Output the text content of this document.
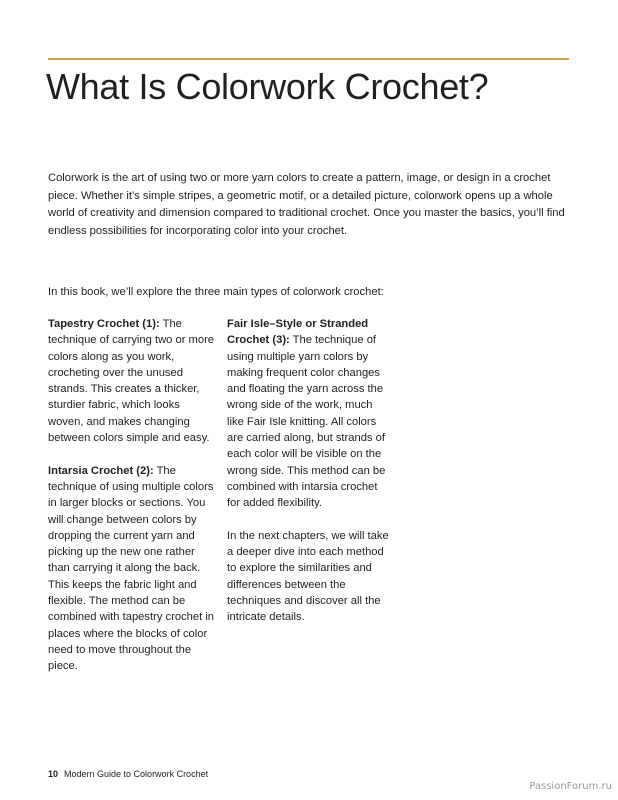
What Is Colorwork Crochet?

Colorwork is the art of using two or more yarn colors to create a pattern, image, or design in a crochet piece. Whether it’s simple stripes, a geometric motif, or a detailed picture, colorwork opens up a whole world of creativity and dimension compared to traditional crochet. Once you master the basics, you’ll find endless possibilities for incorporating color into your crochet.

In this book, we’ll explore the three main types of colorwork crochet:

Tapestry Crochet (1): The technique of carrying two or more colors along as you work, crocheting over the unused strands. This creates a thicker, sturdier fabric, which looks woven, and makes changing between colors simple and easy.

Intarsia Crochet (2): The technique of using multiple colors in larger blocks or sections. You will change between colors by dropping the current yarn and picking up the new one rather than carrying it along the back. This keeps the fabric light and flexible. The method can be combined with tapestry crochet in places where the blocks of color need to move throughout the piece.

Fair Isle–Style or Stranded Crochet (3): The technique of using multiple yarn colors by making frequent color changes and floating the yarn across the wrong side of the work, much like Fair Isle knitting. All colors are carried along, but strands of each color will be visible on the wrong side. This method can be combined with intarsia crochet for added flexibility.

In the next chapters, we will take a deeper dive into each method to explore the similarities and differences between the techniques and discover all the intricate details.

10 Modern Guide to Colorwork Crochet
PassionForum.ru
